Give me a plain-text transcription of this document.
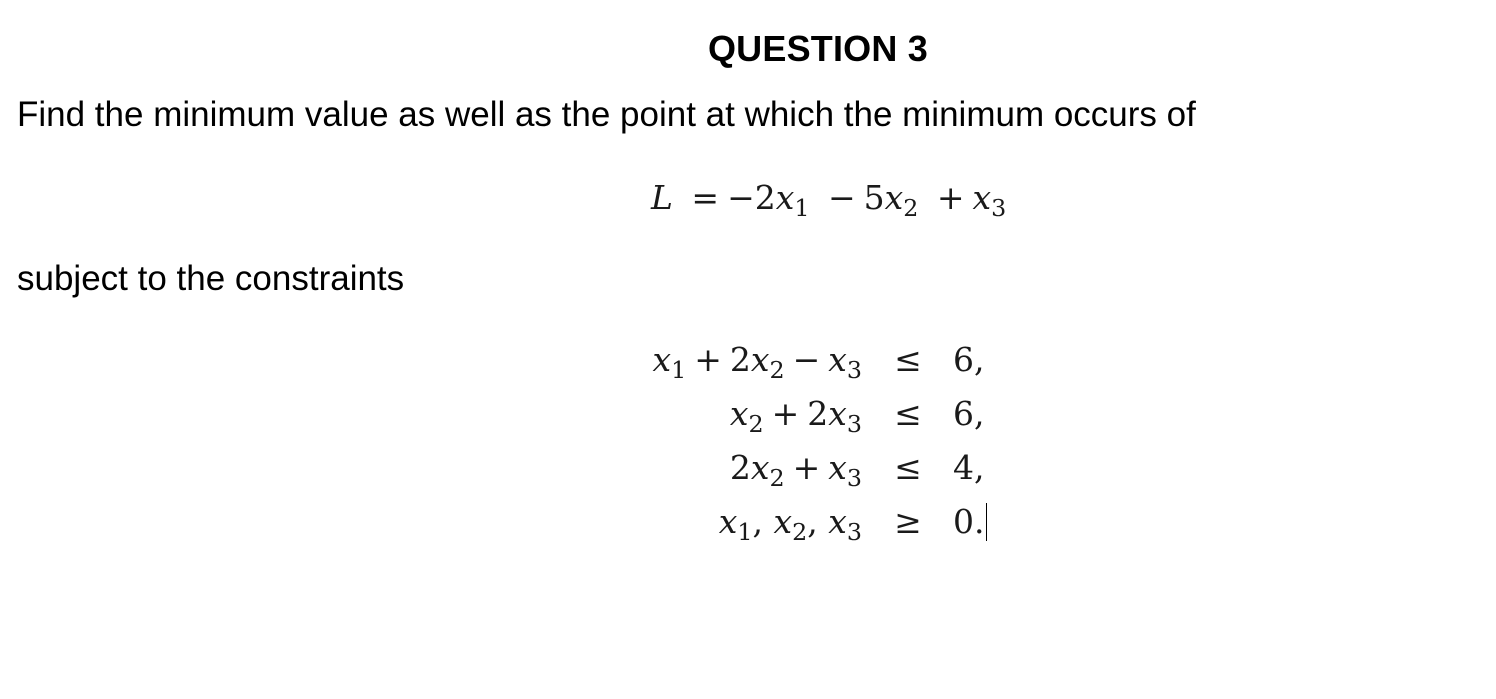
QUESTION 3
Find the minimum value as well as the point at which the minimum occurs of
$L = -2x_1 - 5x_2 + x_3$
subject to the constraints
$x_1 + 2x_2 - x_3 \le 6$,
$x_2 + 2x_3 \le 6$,
$2x_2 + x_3 \le 4$,
$x_1$, $x_2$, $x_3 \ge 0$.
